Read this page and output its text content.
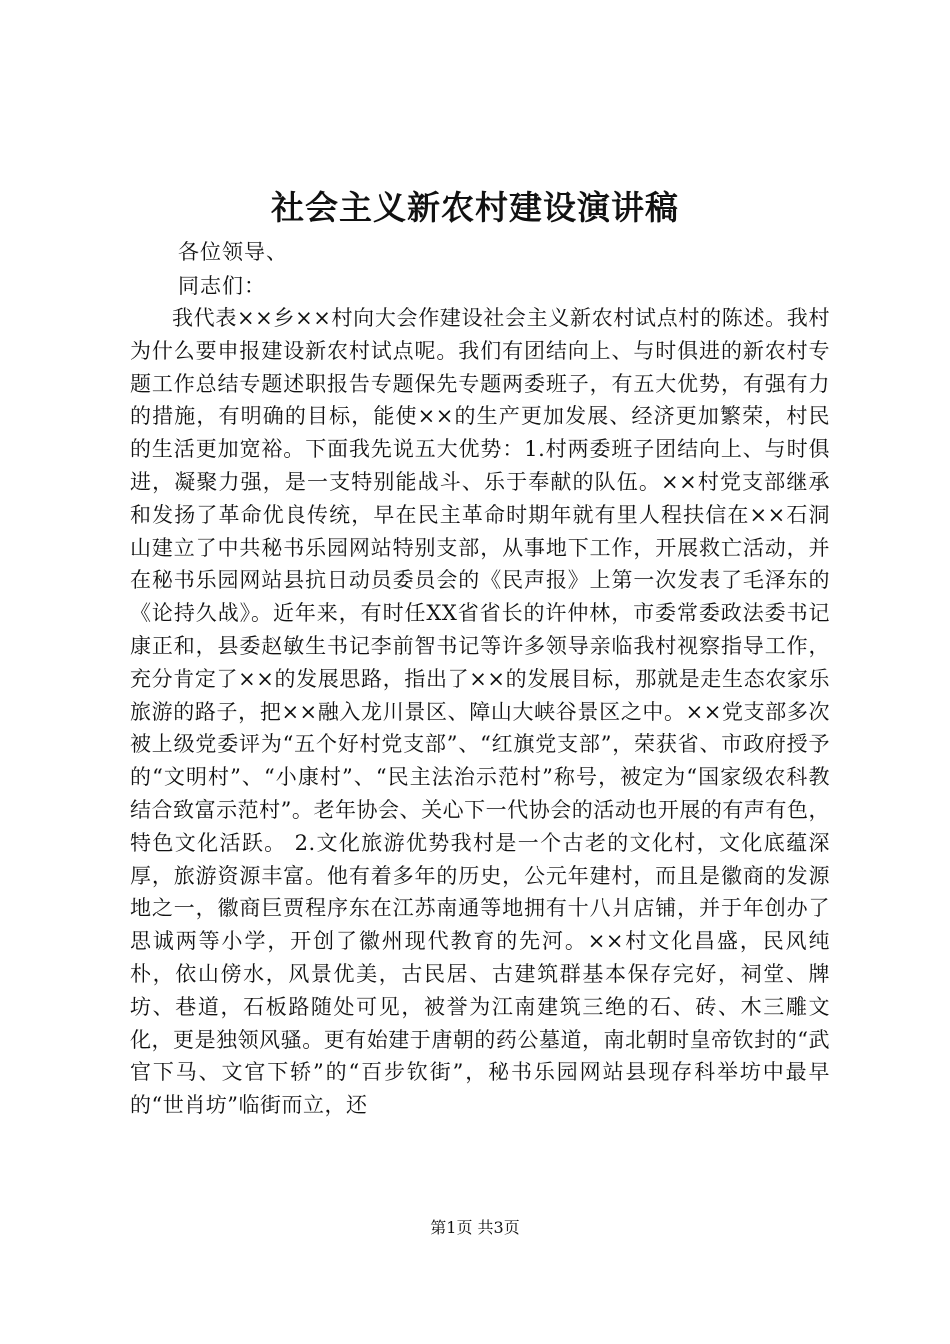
社会主义新农村建设演讲稿
各位领导、
同志们：
我代表××乡××村向大会作建设社会主义新农村试点村的陈述。我村为什么要申报建设新农村试点呢。我们有团结向上、与时俱进的新农村专题工作总结专题述职报告专题保先专题两委班子，有五大优势，有强有力的措施，有明确的目标，能使××的生产更加发展、经济更加繁荣，村民的生活更加宽裕。下面我先说五大优势：1.村两委班子团结向上、与时俱进，凝聚力强，是一支特别能战斗、乐于奉献的队伍。××村党支部继承和发扬了革命优良传统，早在民主革命时期年就有里人程扶信在××石洞山建立了中共秘书乐园网站特别支部，从事地下工作，开展救亡活动，并在秘书乐园网站县抗日动员委员会的《民声报》上第一次发表了毛泽东的《论持久战》。近年来，有时任XX省省长的许仲林，市委常委政法委书记康正和，县委赵敏生书记李前智书记等许多领导亲临我村视察指导工作，充分肯定了××的发展思路，指出了××的发展目标，那就是走生态农家乐旅游的路子，把××融入龙川景区、障山大峡谷景区之中。××党支部多次被上级党委评为“五个好村党支部”、“红旗党支部”，荣获省、市政府授予的“文明村”、“小康村”、“民主法治示范村”称号，被定为“国家级农科教结合致富示范村”。老年协会、关心下一代协会的活动也开展的有声有色，特色文化活跃。 2.文化旅游优势我村是一个古老的文化村，文化底蕴深厚，旅游资源丰富。他有着多年的历史，公元年建村，而且是徽商的发源地之一，徽商巨贾程序东在江苏南通等地拥有十八爿店铺，并于年创办了思诚两等小学，开创了徽州现代教育的先河。××村文化昌盛，民风纯朴，依山傍水，风景优美，古民居、古建筑群基本保存完好，祠堂、牌坊、巷道，石板路随处可见，被誉为江南建筑三绝的石、砖、木三雕文化，更是独领风骚。更有始建于唐朝的药公墓道，南北朝时皇帝钦封的“武官下马、文官下轿”的“百步钦街”，秘书乐园网站县现存科举坊中最早的“世肖坊”临街而立，还
第1页 共3页
